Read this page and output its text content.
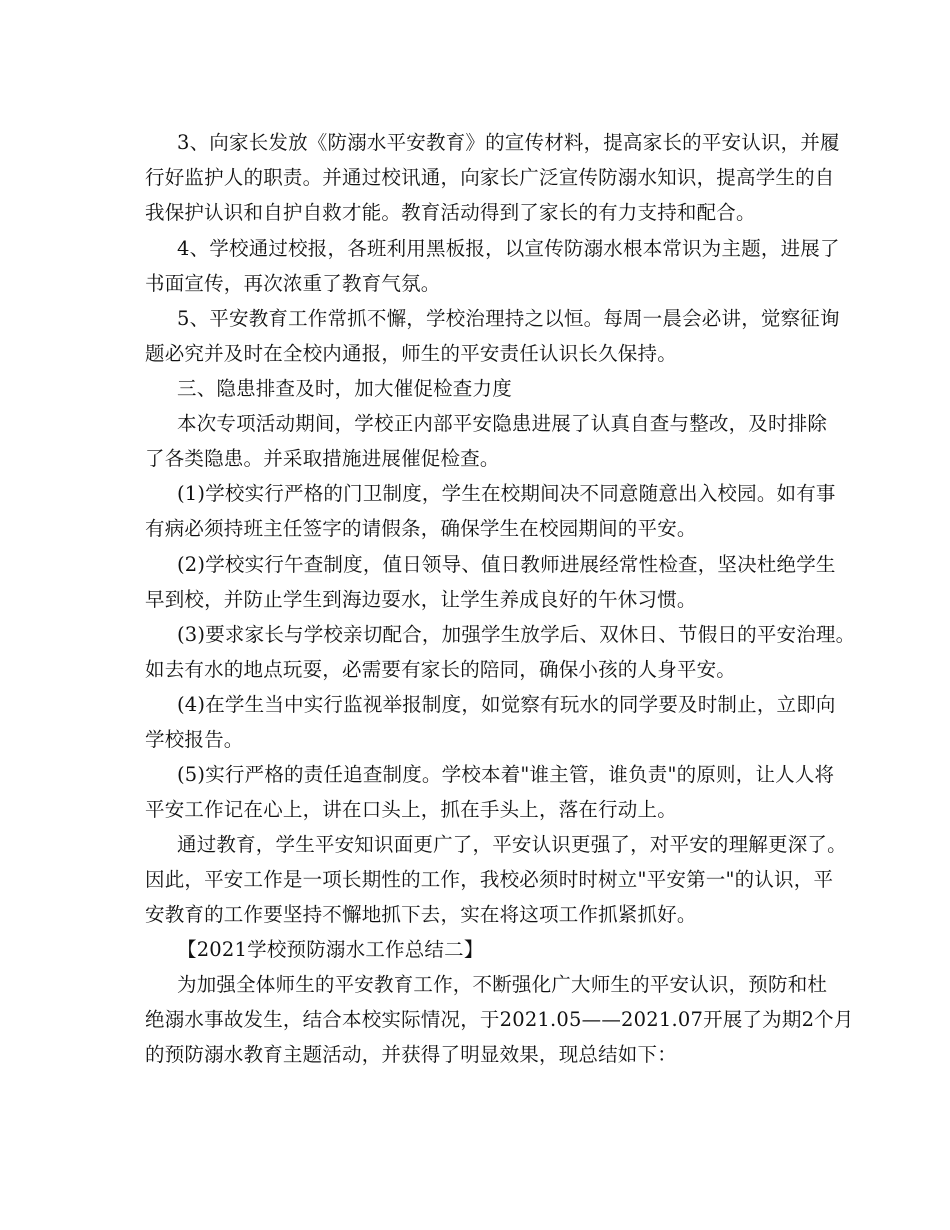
3、向家长发放《防溺水平安教育》的宣传材料，提高家长的平安认识，并履
行好监护人的职责。并通过校讯通，向家长广泛宣传防溺水知识，提高学生的自
我保护认识和自护自救才能。教育活动得到了家长的有力支持和配合。
4、学校通过校报，各班利用黑板报，以宣传防溺水根本常识为主题，进展了
书面宣传，再次浓重了教育气氛。
5、平安教育工作常抓不懈，学校治理持之以恒。每周一晨会必讲，觉察征询
题必究并及时在全校内通报，师生的平安责任认识长久保持。
三、隐患排查及时，加大催促检查力度
本次专项活动期间，学校正内部平安隐患进展了认真自查与整改，及时排除
了各类隐患。并采取措施进展催促检查。
(1)学校实行严格的门卫制度，学生在校期间决不同意随意出入校园。如有事
有病必须持班主任签字的请假条，确保学生在校园期间的平安。
(2)学校实行午查制度，值日领导、值日教师进展经常性检查，坚决杜绝学生
早到校，并防止学生到海边耍水，让学生养成良好的午休习惯。
(3)要求家长与学校亲切配合，加强学生放学后、双休日、节假日的平安治理。
如去有水的地点玩耍，必需要有家长的陪同，确保小孩的人身平安。
(4)在学生当中实行监视举报制度，如觉察有玩水的同学要及时制止，立即向
学校报告。
(5)实行严格的责任追查制度。学校本着"谁主管，谁负责"的原则，让人人将
平安工作记在心上，讲在口头上，抓在手头上，落在行动上。
通过教育，学生平安知识面更广了，平安认识更强了，对平安的理解更深了。
因此，平安工作是一项长期性的工作，我校必须时时树立"平安第一"的认识，平
安教育的工作要坚持不懈地抓下去，实在将这项工作抓紧抓好。
【2021学校预防溺水工作总结二】
为加强全体师生的平安教育工作，不断强化广大师生的平安认识，预防和杜
绝溺水事故发生，结合本校实际情况，于2021.05——2021.07开展了为期2个月
的预防溺水教育主题活动，并获得了明显效果，现总结如下：
